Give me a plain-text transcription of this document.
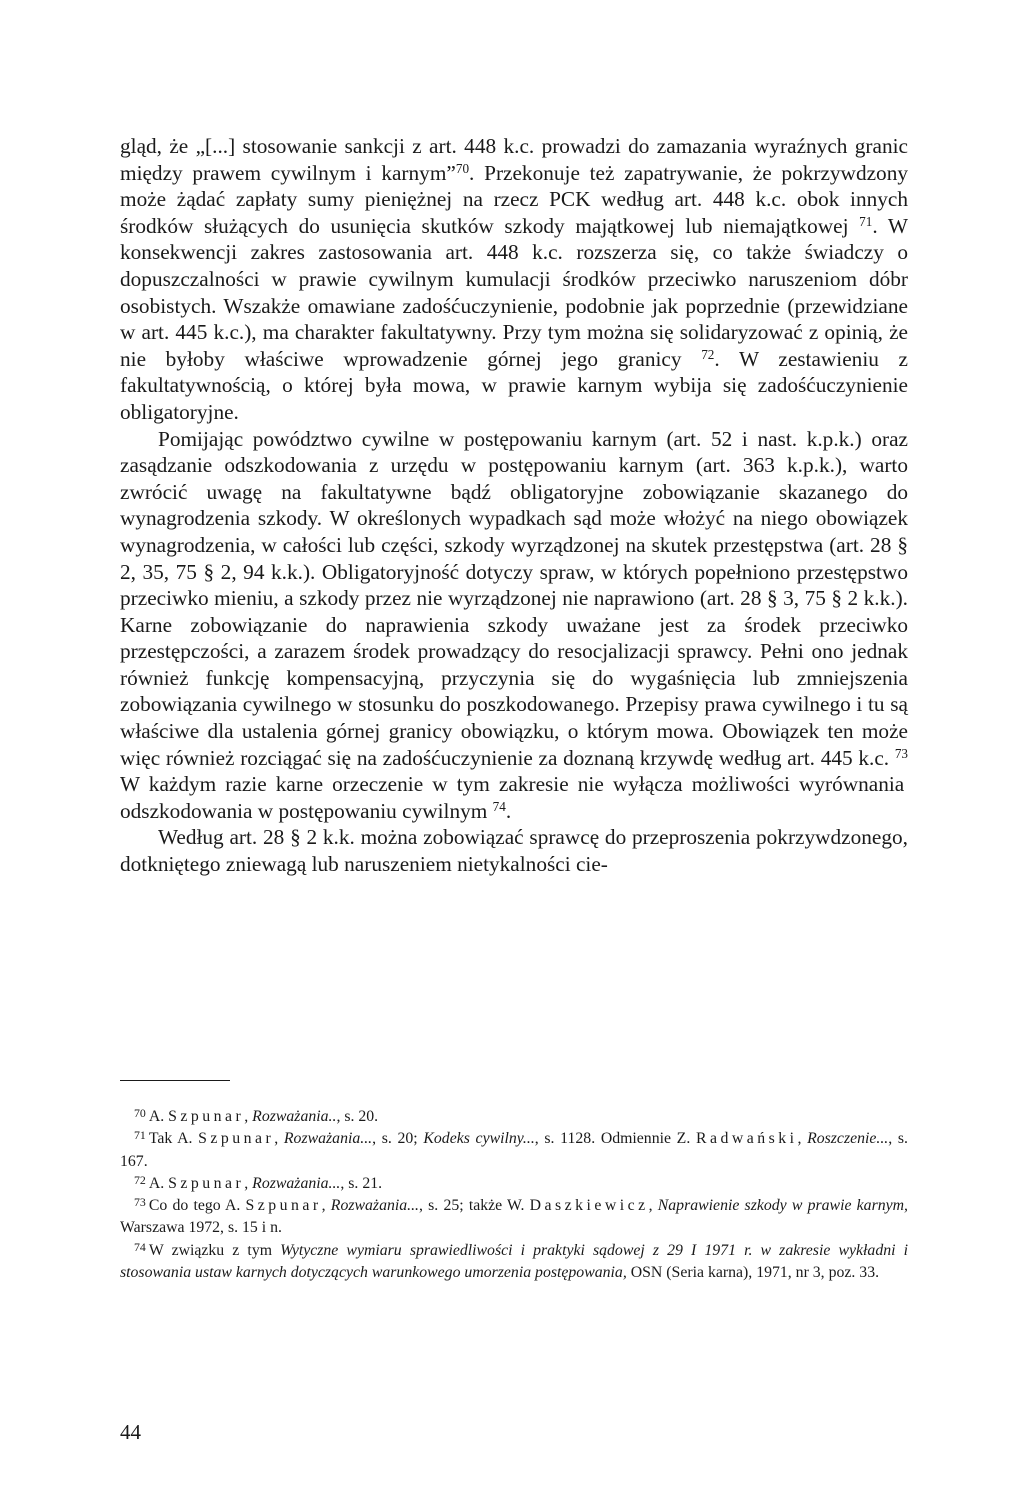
gląd, że „[...] stosowanie sankcji z art. 448 k.c. prowadzi do zamazania wyraźnych granic między prawem cywilnym i karnym”$^{70}$. Przekonuje też zapatrywanie, że pokrzywdzony może żądać zapłaty sumy pieniężnej na rzecz PCK według art. 448 k.c. obok innych środków służących do usunięcia skutków szkody majątkowej lub niemajątkowej $^{71}$. W konsekwencji zakres zastosowania art. 448 k.c. rozszerza się, co także świadczy o dopuszczalności w prawie cywilnym kumulacji środków przeciwko naruszeniom dóbr osobistych. Wszakże omawiane zadośćuczynienie, podobnie jak poprzednie (przewidziane w art. 445 k.c.), ma charakter fakultatywny. Przy tym można się solidaryzować z opinią, że nie byłoby właściwe wprowadzenie górnej jego granicy $^{72}$. W zestawieniu z fakultatywnością, o której była mowa, w prawie karnym wybija się zadośćuczynienie obligatoryjne.

Pomijając powództwo cywilne w postępowaniu karnym (art. 52 i nast. k.p.k.) oraz zasądzanie odszkodowania z urzędu w postępowaniu karnym (art. 363 k.p.k.), warto zwrócić uwagę na fakultatywne bądź obligatoryjne zobowiązanie skazanego do wynagrodzenia szkody. W określonych wypadkach sąd może włożyć na niego obowiązek wynagrodzenia, w całości lub części, szkody wyrządzonej na skutek przestępstwa (art. 28 § 2, 35, 75 § 2, 94 k.k.). Obligatoryjność dotyczy spraw, w których popełniono przestępstwo przeciwko mieniu, a szkody przez nie wyrządzonej nie naprawiono (art. 28 § 3, 75 § 2 k.k.). Karne zobowiązanie do naprawienia szkody uważane jest za środek przeciwko przestępczości, a zarazem środek prowadzący do resocjalizacji sprawcy. Pełni ono jednak również funkcję kompensacyjną, przyczynia się do wygaśnięcia lub zmniejszenia zobowiązania cywilnego w stosunku do poszkodowanego. Przepisy prawa cywilnego i tu są właściwe dla ustalenia górnej granicy obowiązku, o którym mowa. Obowiązek ten może więc również rozciągać się na zadośćuczynienie za doznaną krzywdę według art. 445 k.c. $^{73}$ W każdym razie karne orzeczenie w tym zakresie nie wyłącza możliwości wyrównania odszkodowania w postępowaniu cywilnym $^{74}$.

Według art. 28 § 2 k.k. można zobowiązać sprawcę do przeproszenia pokrzywdzonego, dotkniętego zniewagą lub naruszeniem nietykalności cie-

$^{70}$ A. Szpunar, Rozważania.., s. 20.

$^{71}$ Tak A. Szpunar, Rozważania..., s. 20; Kodeks cywilny..., s. 1128. Odmiennie Z. Radwański, Roszczenie..., s. 167.

$^{72}$ A. Szpunar, Rozważania..., s. 21.

$^{73}$ Co do tego A. Szpunar, Rozważania..., s. 25; także W. Daszkiewicz, Naprawienie szkody w prawie karnym, Warszawa 1972, s. 15 i n.

$^{74}$ W związku z tym Wytyczne wymiaru sprawiedliwości i praktyki sądowej z 29 I 1971 r. w zakresie wykładni i stosowania ustaw karnych dotyczących warunkowego umorzenia postępowania, OSN (Seria karna), 1971, nr 3, poz. 33.

44
